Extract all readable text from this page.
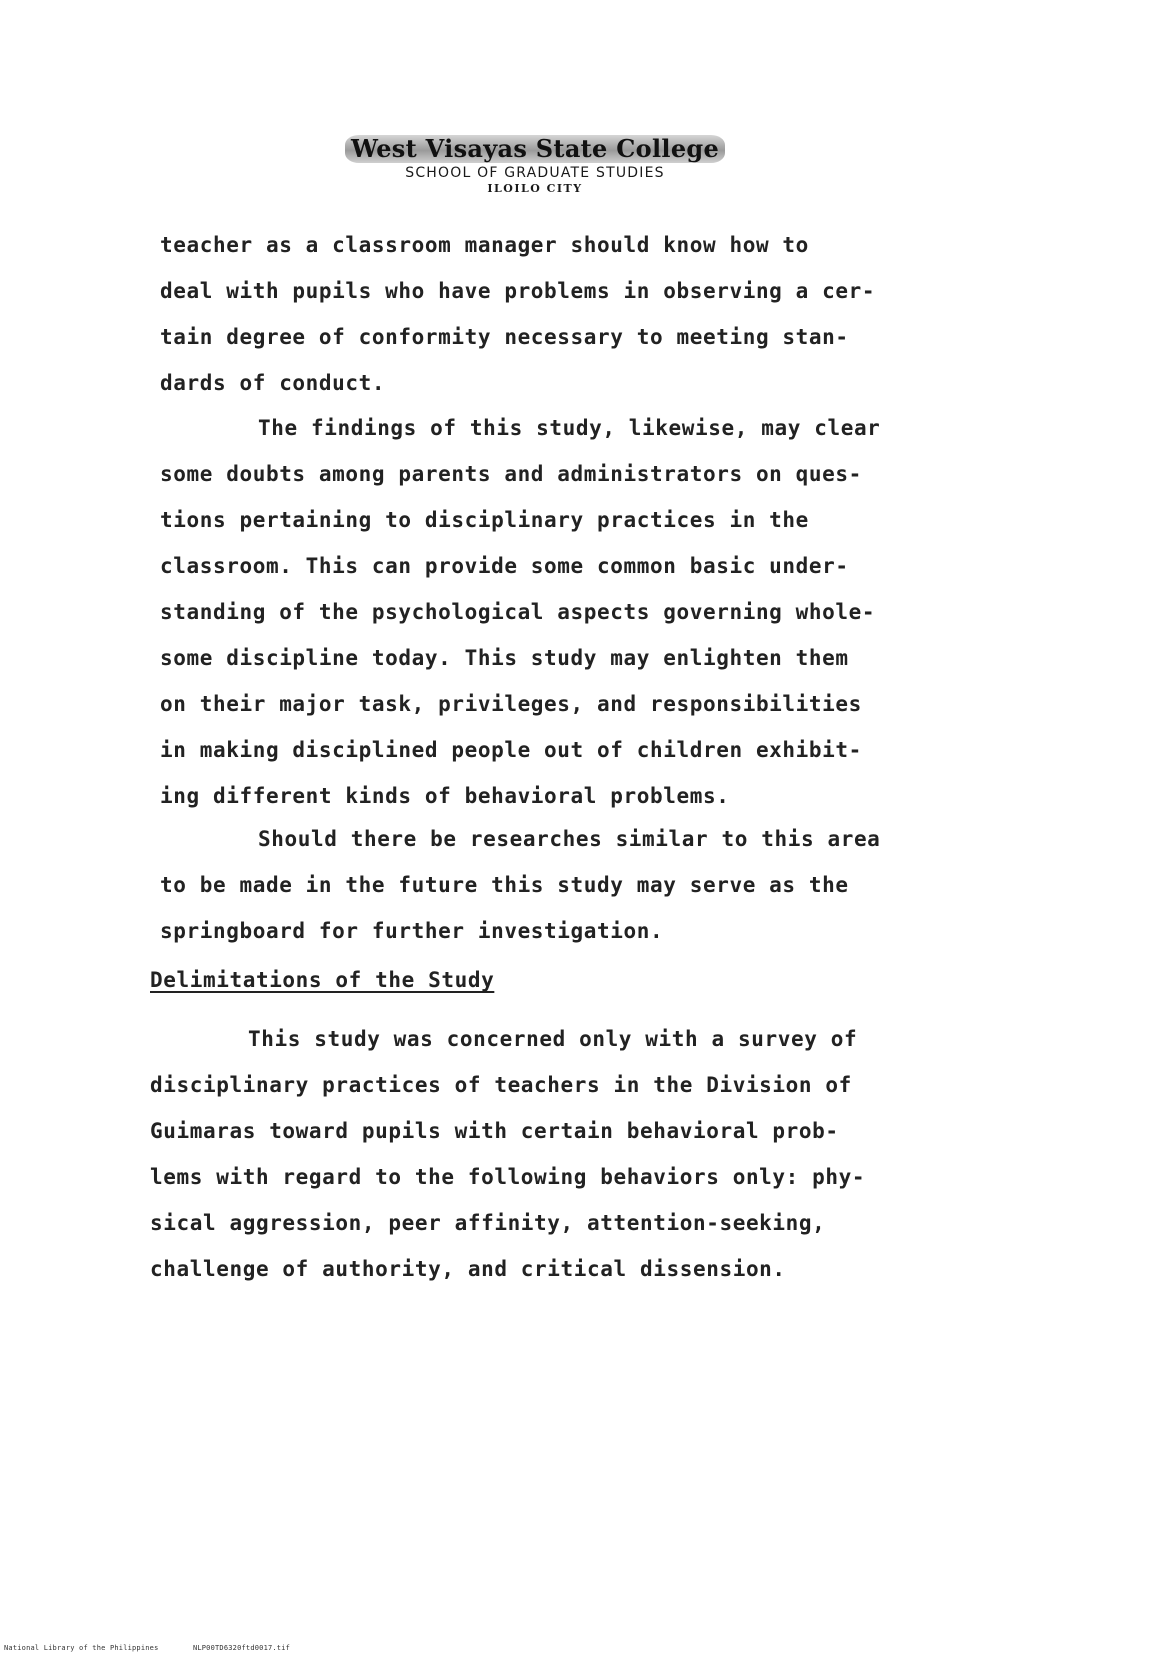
West Visayas State College
SCHOOL OF GRADUATE STUDIES
ILOILO CITY
teacher as a classroom manager should know how to
deal with pupils who have problems in observing a cer-
tain degree of conformity necessary to meeting stan-
dards of conduct.
The findings of this study, likewise, may clear
some doubts among parents and administrators on ques-
tions pertaining to disciplinary practices in the
classroom. This can provide some common basic under-
standing of the psychological aspects governing whole-
some discipline today. This study may enlighten them
on their major task, privileges, and responsibilities
in making disciplined people out of children exhibit-
ing different kinds of behavioral problems.
Should there be researches similar to this area
to be made in the future this study may serve as the
springboard for further investigation.
Delimitations of the Study
This study was concerned only with a survey of
disciplinary practices of teachers in the Division of
Guimaras toward pupils with certain behavioral prob-
lems with regard to the following behaviors only: phy-
sical aggression, peer affinity, attention-seeking,
challenge of authority, and critical dissension.
National Library of the Philippines	NLP00TD6320ftd0017.tif
